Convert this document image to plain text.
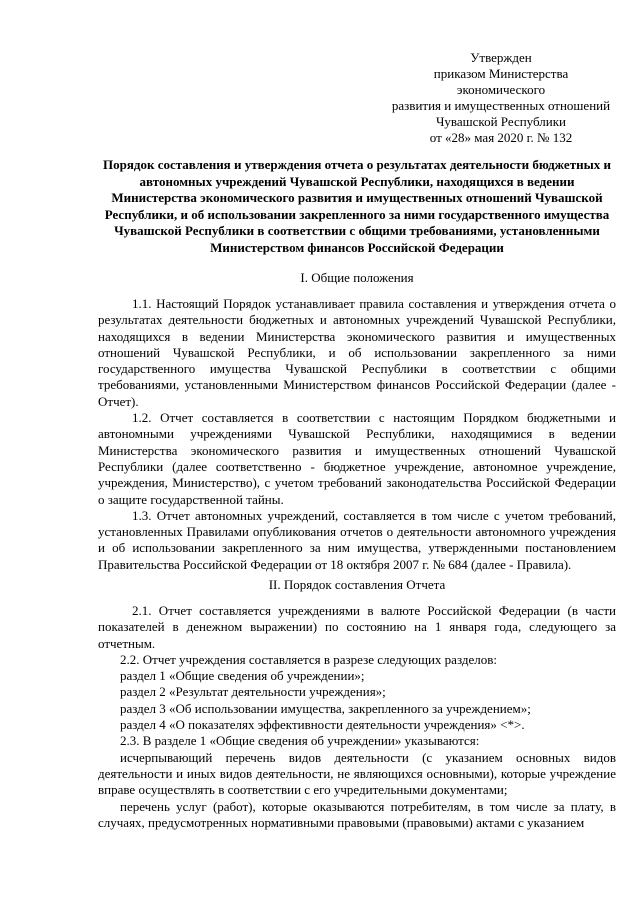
Утвержден
приказом Министерства экономического
развития и имущественных отношений
Чувашской Республики
от «28» мая 2020 г. № 132
Порядок составления и утверждения отчета о результатах деятельности бюджетных и автономных учреждений Чувашской Республики, находящихся в ведении Министерства экономического развития и имущественных отношений Чувашской Республики, и об использовании закрепленного за ними государственного имущества Чувашской Республики в соответствии с общими требованиями, установленными Министерством финансов Российской Федерации
I. Общие положения

1.1. Настоящий Порядок устанавливает правила составления и утверждения отчета о результатах деятельности бюджетных и автономных учреждений Чувашской Республики, находящихся в ведении Министерства экономического развития и имущественных отношений Чувашской Республики, и об использовании закрепленного за ними государственного имущества Чувашской Республики в соответствии с общими требованиями, установленными Министерством финансов Российской Федерации (далее - Отчет).

1.2. Отчет составляется в соответствии с настоящим Порядком бюджетными и автономными учреждениями Чувашской Республики, находящимися в ведении Министерства экономического развития и имущественных отношений Чувашской Республики (далее соответственно - бюджетное учреждение, автономное учреждение, учреждения, Министерство), с учетом требований законодательства Российской Федерации о защите государственной тайны.

1.3. Отчет автономных учреждений, составляется в том числе с учетом требований, установленных Правилами опубликования отчетов о деятельности автономного учреждения и об использовании закрепленного за ним имущества, утвержденными постановлением Правительства Российской Федерации от 18 октября 2007 г. № 684 (далее - Правила).

II. Порядок составления Отчета

2.1. Отчет составляется учреждениями в валюте Российской Федерации (в части показателей в денежном выражении) по состоянию на 1 января года, следующего за отчетным.

2.2. Отчет учреждения составляется в разрезе следующих разделов:

раздел 1 «Общие сведения об учреждении»;

раздел 2 «Результат деятельности учреждения»;

раздел 3 «Об использовании имущества, закрепленного за учреждением»;

раздел 4 «О показателях эффективности деятельности учреждения» <*>.

2.3. В разделе 1 «Общие сведения об учреждении» указываются:

исчерпывающий перечень видов деятельности (с указанием основных видов деятельности и иных видов деятельности, не являющихся основными), которые учреждение вправе осуществлять в соответствии с его учредительными документами;

перечень услуг (работ), которые оказываются потребителям, в том числе за плату, в случаях, предусмотренных нормативными правовыми (правовыми) актами с указанием
